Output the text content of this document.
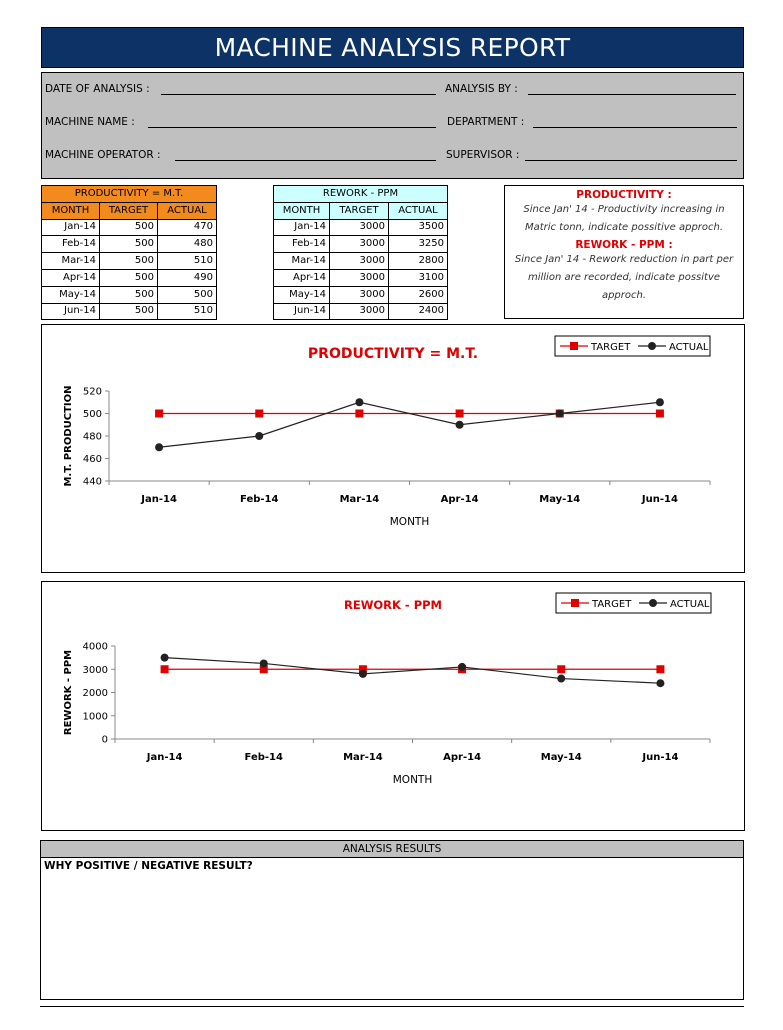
MACHINE ANALYSIS REPORT
DATE OF ANALYSIS :	ANALYSIS BY :
MACHINE NAME :	DEPARTMENT :
MACHINE OPERATOR :	SUPERVISOR :
PRODUCTIVITY = M.T.		
MONTH	TARGET	ACTUAL
Jan-14	500	470
Feb-14	500	480
Mar-14	500	510
Apr-14	500	490
May-14	500	500
Jun-14	500	510
REWORK - PPM		
MONTH	TARGET	ACTUAL
Jan-14	3000	3500
Feb-14	3000	3250
Mar-14	3000	2800
Apr-14	3000	3100
May-14	3000	2600
Jun-14	3000	2400
PRODUCTIVITY :
Since Jan' 14 - Productivity increasing in Matric tonn, indicate possitive approch.
REWORK - PPM :
Since Jan' 14 - Rework reduction in part per million are recorded, indicate possitve approch.
PRODUCTIVITY = M.T.
440
460
480
500
520
Jan-14	Feb-14	Mar-14	Apr-14	May-14	Jun-14
MONTH
M.T. PRODUCTION
TARGET	ACTUAL
REWORK - PPM
0
1000
2000
3000
4000
Jan-14	Feb-14	Mar-14	Apr-14	May-14	Jun-14
MONTH
REWORK - PPM
TARGET	ACTUAL
ANALYSIS RESULTS
WHY POSITIVE / NEGATIVE RESULT?
